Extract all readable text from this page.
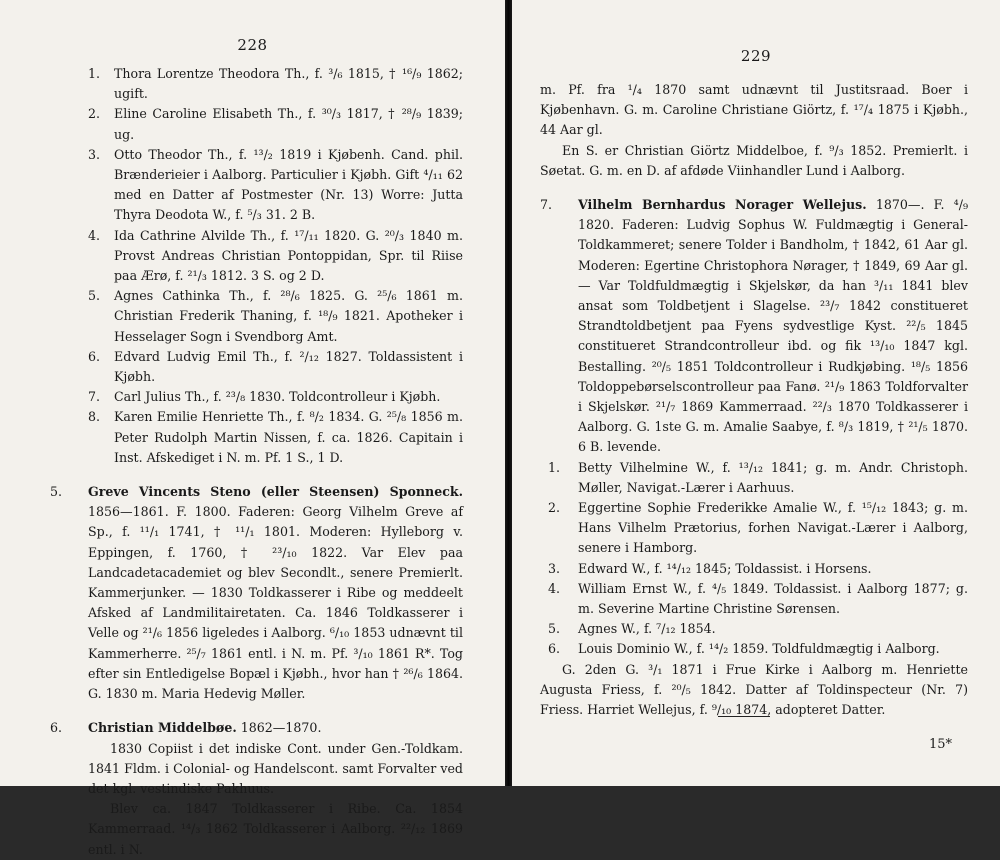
228
1. Thora Lorentze Theodora Th., f. ³/₆ 1815, † ¹⁶/₉ 1862; ugift.
2. Eline Caroline Elisabeth Th., f. ³⁰/₃ 1817, † ²⁸/₉ 1839; ug.
3. Otto Theodor Th., f. ¹³/₂ 1819 i Kjøbenh. Cand. phil. Brænderieier i Aalborg. Particulier i Kjøbh. Gift ⁴/₁₁ 62 med en Datter af Postmester (Nr. 13) Worre: Jutta Thyra Deodota W., f. ⁵/₃ 31. 2 B.
4. Ida Cathrine Alvilde Th., f. ¹⁷/₁₁ 1820. G. ²⁰/₃ 1840 m. Provst Andreas Christian Pontoppidan, Spr. til Riise paa Ærø, f. ²¹/₃ 1812. 3 S. og 2 D.
5. Agnes Cathinka Th., f. ²⁸/₆ 1825. G. ²⁵/₆ 1861 m. Christian Frederik Thaning, f. ¹⁸/₉ 1821. Apotheker i Hesselager Sogn i Svendborg Amt.
6. Edvard Ludvig Emil Th., f. ²/₁₂ 1827. Toldassistent i Kjøbh.
7. Carl Julius Th., f. ²³/₈ 1830. Toldcontrolleur i Kjøbh.
8. Karen Emilie Henriette Th., f. ⁸/₂ 1834. G. ²⁵/₈ 1856 m. Peter Rudolph Martin Nissen, f. ca. 1826. Capitain i Inst. Afskediget i N. m. Pf. 1 S., 1 D.
5. Greve Vincents Steno (eller Steensen) Sponneck. 1856—1861. F. 1800. Faderen: Georg Vilhelm Greve af Sp., f. ¹¹/₁ 1741, † ¹¹/₁ 1801. Moderen: Hylleborg v. Eppingen, f. 1760, † ²³/₁₀ 1822. Var Elev paa Landcadetacademiet og blev Secondlt., senere Premierlt. Kammerjunker. — 1830 Toldkasserer i Ribe og meddeelt Afsked af Landmilitairetaten. Ca. 1846 Toldkasserer i Velle og ²¹/₆ 1856 ligeledes i Aalborg. ⁶/₁₀ 1853 udnævnt til Kammerherre. ²⁵/₇ 1861 entl. i N. m. Pf. ³/₁₀ 1861 R*. Tog efter sin Entledigelse Bopæl i Kjøbh., hvor han † ²⁶/₆ 1864. G. 1830 m. Maria Hedevig Møller.

6. Christian Middelbøe. 1862—1870.

1830 Copiist i det indiske Cont. under Gen.-Toldkam. 1841 Fldm. i Colonial- og Handelscont. samt Forvalter ved det kgl. vestindiske Pakhuus.

Blev ca. 1847 Toldkasserer i Ribe. Ca. 1854 Kammerraad. ¹⁴/₃ 1862 Toldkasserer i Aalborg. ²²/₁₂ 1869 entl. i N.

229

m. Pf. fra ¹/₄ 1870 samt udnævnt til Justitsraad. Boer i Kjøbenhavn. G. m. Caroline Christiane Giörtz, f. ¹⁷/₄ 1875 i Kjøbh., 44 Aar gl.

En S. er Christian Giörtz Middelboe, f. ⁹/₃ 1852. Premierlt. i Søetat. G. m. en D. af afdøde Viinhandler Lund i Aalborg.

7. Vilhelm Bernhardus Norager Wellejus. 1870—. F. ⁴/₉ 1820. Faderen: Ludvig Sophus W. Fuldmægtig i General-Toldkammeret; senere Tolder i Bandholm, † 1842, 61 Aar gl. Moderen: Egertine Christophora Nørager, † 1849, 69 Aar gl. — Var Toldfuldmægtig i Skjelskør, da han ³/₁₁ 1841 blev ansat som Toldbetjent i Slagelse. ²³/₇ 1842 constitueret Strandtoldbetjent paa Fyens sydvestlige Kyst. ²²/₅ 1845 constitueret Strandcontrolleur ibd. og fik ¹³/₁₀ 1847 kgl. Bestalling. ²⁰/₅ 1851 Toldcontrolleur i Rudkjøbing. ¹⁸/₅ 1856 Toldoppebørselscontrolleur paa Fanø. ²¹/₉ 1863 Toldforvalter i Skjelskør. ²¹/₇ 1869 Kammerraad. ²²/₃ 1870 Toldkasserer i Aalborg. G. 1ste G. m. Amalie Saabye, f. ⁸/₃ 1819, † ²¹/₅ 1870. 6 B. levende.

1. Betty Vilhelmine W., f. ¹³/₁₂ 1841; g. m. Andr. Christoph. Møller, Navigat.-Lærer i Aarhuus.
2. Eggertine Sophie Frederikke Amalie W., f. ¹⁵/₁₂ 1843; g. m. Hans Vilhelm Prætorius, forhen Navigat.-Lærer i Aalborg, senere i Hamborg.
3. Edward W., f. ¹⁴/₁₂ 1845; Toldassist. i Horsens.
4. William Ernst W., f. ⁴/₅ 1849. Toldassist. i Aalborg 1877; g. m. Severine Martine Christine Sørensen.
5. Agnes W., f. ⁷/₁₂ 1854.
6. Louis Dominio W., f. ¹⁴/₂ 1859. Toldfuldmægtig i Aalborg.

G. 2den G. ³/₁ 1871 i Frue Kirke i Aalborg m. Henriette Augusta Friess, f. ²⁰/₅ 1842. Datter af Toldinspecteur (Nr. 7) Friess. Harriet Wellejus, f. ⁹/₁₀ 1874, adopteret Datter.

15*
